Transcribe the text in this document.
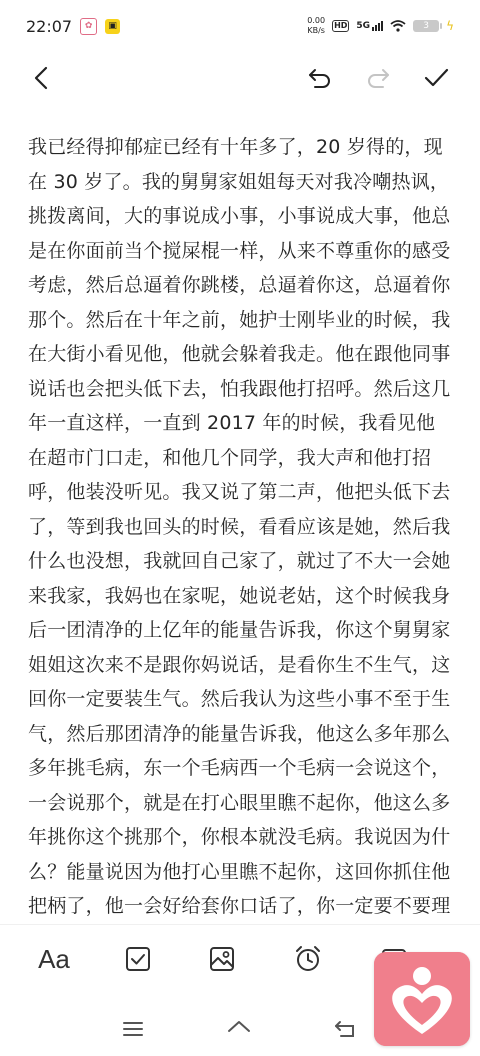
22:07	✿	▣
0.00
KB/s
HD 5G	3	ϟ
我已经得抑郁症已经有十年多了，20 岁得的，现在 30 岁了。我的舅舅家姐姐每天对我冷嘲热讽，挑拨离间，大的事说成小事，小事说成大事，他总是在你面前当个搅屎棍一样，从来不尊重你的感受考虑，然后总逼着你跳楼，总逼着你这，总逼着你那个。然后在十年之前，她护士刚毕业的时候，我在大街小看见他，他就会躲着我走。他在跟他同事说话也会把头低下去，怕我跟他打招呼。然后这几年一直这样，一直到 2017 年的时候，我看见他在超市门口走，和他几个同学，我大声和他打招呼，他装没听见。我又说了第二声，他把头低下去了，等到我也回头的时候，看看应该是她，然后我什么也没想，我就回自己家了，就过了不大一会她来我家，我妈也在家呢，她说老姑，这个时候我身后一团清净的上亿年的能量告诉我，你这个舅舅家姐姐这次来不是跟你妈说话，是看你生不生气，这回你一定要装生气。然后我认为这些小事不至于生气，然后那团清净的能量告诉我，他这么多年那么多年挑毛病，东一个毛病西一个毛病一会说这个，一会说那个，就是在打心眼里瞧不起你，他这么多年挑你这个挑那个，你根本就没毛病。我说因为什么？能量说因为他打心里瞧不起你，这回你抓住他把柄了，他一会好给套你口话了，你一定要不要理
Aa
